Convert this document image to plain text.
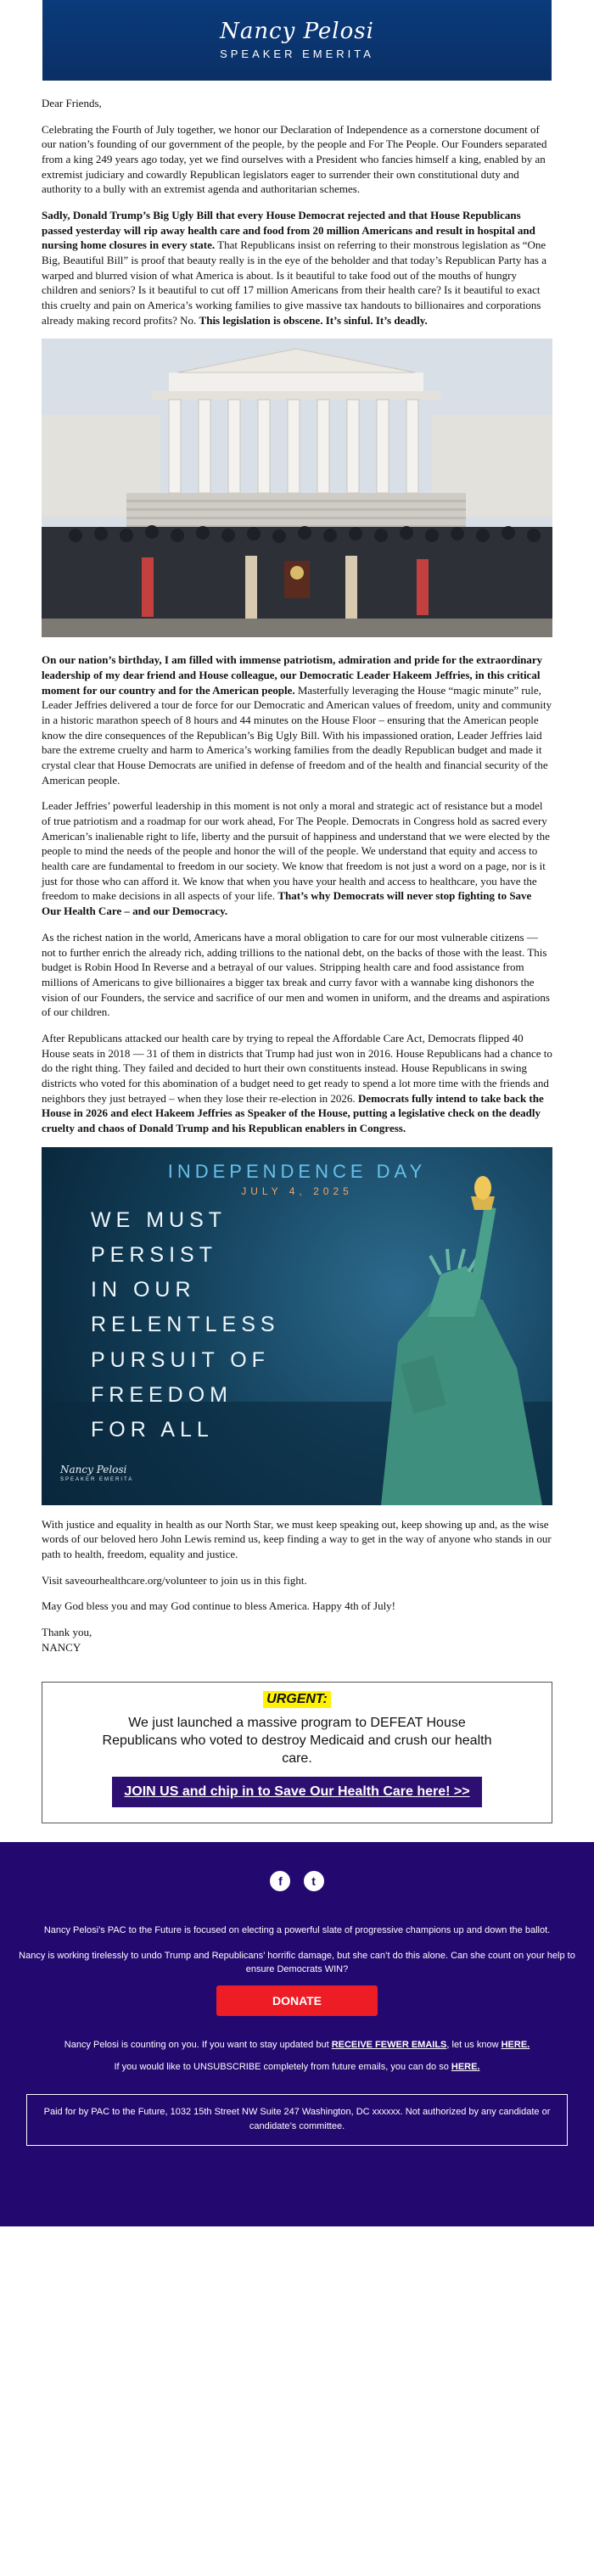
Nancy Pelosi
SPEAKER EMERITA

Dear Friends,

Celebrating the Fourth of July together, we honor our Declaration of Independence as a cornerstone document of our nation’s founding of our government of the people, by the people and For The People. Our Founders separated from a king 249 years ago today, yet we find ourselves with a President who fancies himself a king, enabled by an extremist judiciary and cowardly Republican legislators eager to surrender their own constitutional duty and authority to a bully with an extremist agenda and authoritarian schemes.

Sadly, Donald Trump’s Big Ugly Bill that every House Democrat rejected and that House Republicans passed yesterday will rip away health care and food from 20 million Americans and result in hospital and nursing home closures in every state. That Republicans insist on referring to their monstrous legislation as “One Big, Beautiful Bill” is proof that beauty really is in the eye of the beholder and that today’s Republican Party has a warped and blurred vision of what America is about. Is it beautiful to take food out of the mouths of hungry children and seniors? Is it beautiful to cut off 17 million Americans from their health care? Is it beautiful to exact this cruelty and pain on America’s working families to give massive tax handouts to billionaires and corporations already making record profits? No. This legislation is obscene. It’s sinful. It’s deadly.

On our nation’s birthday, I am filled with immense patriotism, admiration and pride for the extraordinary leadership of my dear friend and House colleague, our Democratic Leader Hakeem Jeffries, in this critical moment for our country and for the American people. Masterfully leveraging the House “magic minute” rule, Leader Jeffries delivered a tour de force for our Democratic and American values of freedom, unity and community in a historic marathon speech of 8 hours and 44 minutes on the House Floor – ensuring that the American people know the dire consequences of the Republican’s Big Ugly Bill. With his impassioned oration, Leader Jeffries laid bare the extreme cruelty and harm to America’s working families from the deadly Republican budget and made it crystal clear that House Democrats are unified in defense of freedom and of the health and financial security of the American people.

Leader Jeffries’ powerful leadership in this moment is not only a moral and strategic act of resistance but a model of true patriotism and a roadmap for our work ahead, For The People. Democrats in Congress hold as sacred every American’s inalienable right to life, liberty and the pursuit of happiness and understand that we were elected by the people to mind the needs of the people and honor the will of the people. We understand that equity and access to health care are fundamental to freedom in our society. We know that freedom is not just a word on a page, nor is it just for those who can afford it. We know that when you have your health and access to healthcare, you have the freedom to make decisions in all aspects of your life. That’s why Democrats will never stop fighting to Save Our Health Care – and our Democracy.

As the richest nation in the world, Americans have a moral obligation to care for our most vulnerable citizens — not to further enrich the already rich, adding trillions to the national debt, on the backs of those with the least. This budget is Robin Hood In Reverse and a betrayal of our values. Stripping health care and food assistance from millions of Americans to give billionaires a bigger tax break and curry favor with a wannabe king dishonors the vision of our Founders, the service and sacrifice of our men and women in uniform, and the dreams and aspirations of our children.

After Republicans attacked our health care by trying to repeal the Affordable Care Act, Democrats flipped 40 House seats in 2018 — 31 of them in districts that Trump had just won in 2016. House Republicans had a chance to do the right thing. They failed and decided to hurt their own constituents instead. House Republicans in swing districts who voted for this abomination of a budget need to get ready to spend a lot more time with the friends and neighbors they just betrayed – when they lose their re-election in 2026. Democrats fully intend to take back the House in 2026 and elect Hakeem Jeffries as Speaker of the House, putting a legislative check on the deadly cruelty and chaos of Donald Trump and his Republican enablers in Congress.

INDEPENDENCE DAY
JULY 4, 2025
WE MUST
PERSIST
IN OUR
RELENTLESS
PURSUIT OF
FREEDOM
FOR ALL
Nancy Pelosi
SPEAKER EMERITA

With justice and equality in health as our North Star, we must keep speaking out, keep showing up and, as the wise words of our beloved hero John Lewis remind us, keep finding a way to get in the way of anyone who stands in our path to health, freedom, equality and justice.

Visit saveourhealthcare.org/volunteer to join us in this fight.

May God bless you and may God continue to bless America. Happy 4th of July!

Thank you,

NANCY

URGENT:
We just launched a massive program to DEFEAT House Republicans who voted to destroy Medicaid and crush our health care.
JOIN US and chip in to Save Our Health Care here! >>
f t
Nancy Pelosi’s PAC to the Future is focused on electing a powerful slate of progressive champions up and down the ballot.
Nancy is working tirelessly to undo Trump and Republicans’ horrific damage, but she can’t do this alone. Can she count on your help to ensure Democrats WIN?
DONATE
Nancy Pelosi is counting on you. If you want to stay updated but RECEIVE FEWER EMAILS, let us know HERE.
If you would like to UNSUBSCRIBE completely from future emails, you can do so HERE.
Paid for by PAC to the Future, 1032 15th Street NW Suite 247 Washington, DC xxxxxx. Not authorized by any candidate or candidate’s committee.
